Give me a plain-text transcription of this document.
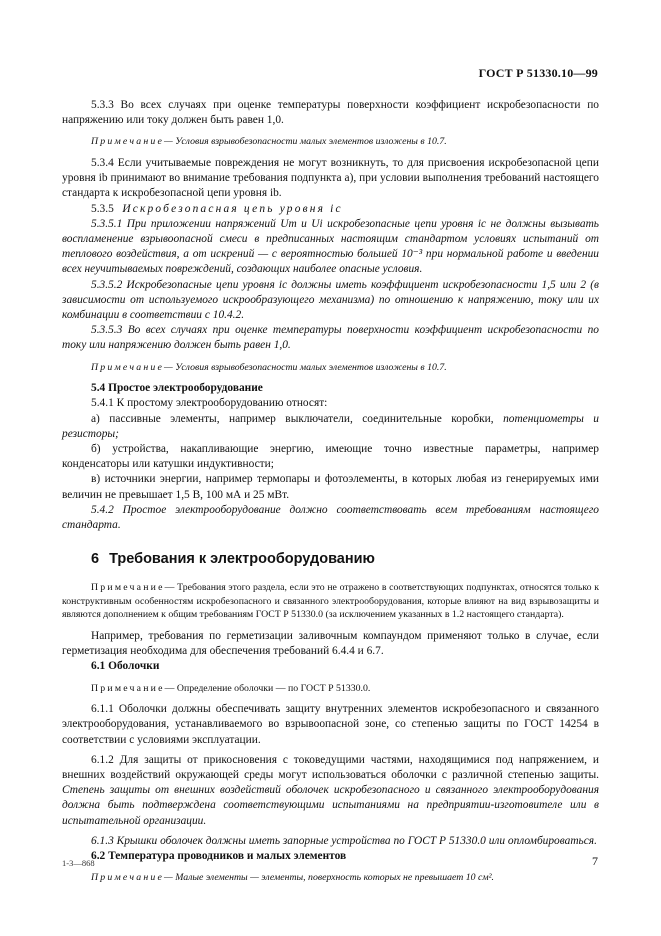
ГОСТ Р 51330.10—99

5.3.3 Во всех случаях при оценке температуры поверхности коэффициент искробезопасности по напряжению или току должен быть равен 1,0.

Примечание— Условия взрывобезопасности малых элементов изложены в 10.7.

5.3.4 Если учитываемые повреждения не могут возникнуть, то для присвоения искробезопасной цепи уровня ib принимают во внимание требования подпункта а), при условии выполнения требований настоящего стандарта к искробезопасной цепи уровня ib.

5.3.5 Искробезопасная цепь уровня ic

5.3.5.1 При приложении напряжений Um и Ui искробезопасные цепи уровня ic не должны вызывать воспламенение взрывоопасной смеси в предписанных настоящим стандартом условиях испытаний от теплового воздействия, а от искрений — с вероятностью большей 10⁻³ при нормальной работе и введении всех неучитываемых повреждений, создающих наиболее опасные условия.

5.3.5.2 Искробезопасные цепи уровня ic должны иметь коэффициент искробезопасности 1,5 или 2 (в зависимости от используемого искрообразующего механизма) по отношению к напряжению, току или их комбинации в соответствии с 10.4.2.

5.3.5.3 Во всех случаях при оценке температуры поверхности коэффициент искробезопасности по току или напряжению должен быть равен 1,0.

Примечание— Условия взрывобезопасности малых элементов изложены в 10.7.

5.4 Простое электрооборудование

5.4.1 К простому электрооборудованию относят:

а) пассивные элементы, например выключатели, соединительные коробки, потенциометры и резисторы;

б) устройства, накапливающие энергию, имеющие точно известные параметры, например конденсаторы или катушки индуктивности;

в) источники энергии, например термопары и фотоэлементы, в которых любая из генерируемых ими величин не превышает 1,5 В, 100 мА и 25 мВт.

5.4.2 Простое электрооборудование должно соответствовать всем требованиям настоящего стандарта.

6 Требования к электрооборудованию

Примечание— Требования этого раздела, если это не отражено в соответствующих подпунктах, относятся только к конструктивным особенностям искробезопасного и связанного электрооборудования, которые влияют на вид взрывозащиты и являются дополнением к общим требованиям ГОСТ Р 51330.0 (за исключением указанных в 1.2 настоящего стандарта).

Например, требования по герметизации заливочным компаундом применяют только в случае, если герметизация необходима для обеспечения требований 6.4.4 и 6.7.

6.1 Оболочки

Примечание— Определение оболочки — по ГОСТ Р 51330.0.

6.1.1 Оболочки должны обеспечивать защиту внутренних элементов искробезопасного и связанного электрооборудования, устанавливаемого во взрывоопасной зоне, со степенью защиты по ГОСТ 14254 в соответствии с условиями эксплуатации.

6.1.2 Для защиты от прикосновения с токоведущими частями, находящимися под напряжением, и внешних воздействий окружающей среды могут использоваться оболочки с различной степенью защиты. Степень защиты от внешних воздействий оболочек искробезопасного и связанного электрооборудования должна быть подтверждена соответствующими испытаниями на предприятии-изготовителе или в испытательной организации.

6.1.3 Крышки оболочек должны иметь запорные устройства по ГОСТ Р 51330.0 или опломбироваться.

6.2 Температура проводников и малых элементов

Примечание— Малые элементы — элементы, поверхность которых не превышает 10 см².

1-3—868	7
